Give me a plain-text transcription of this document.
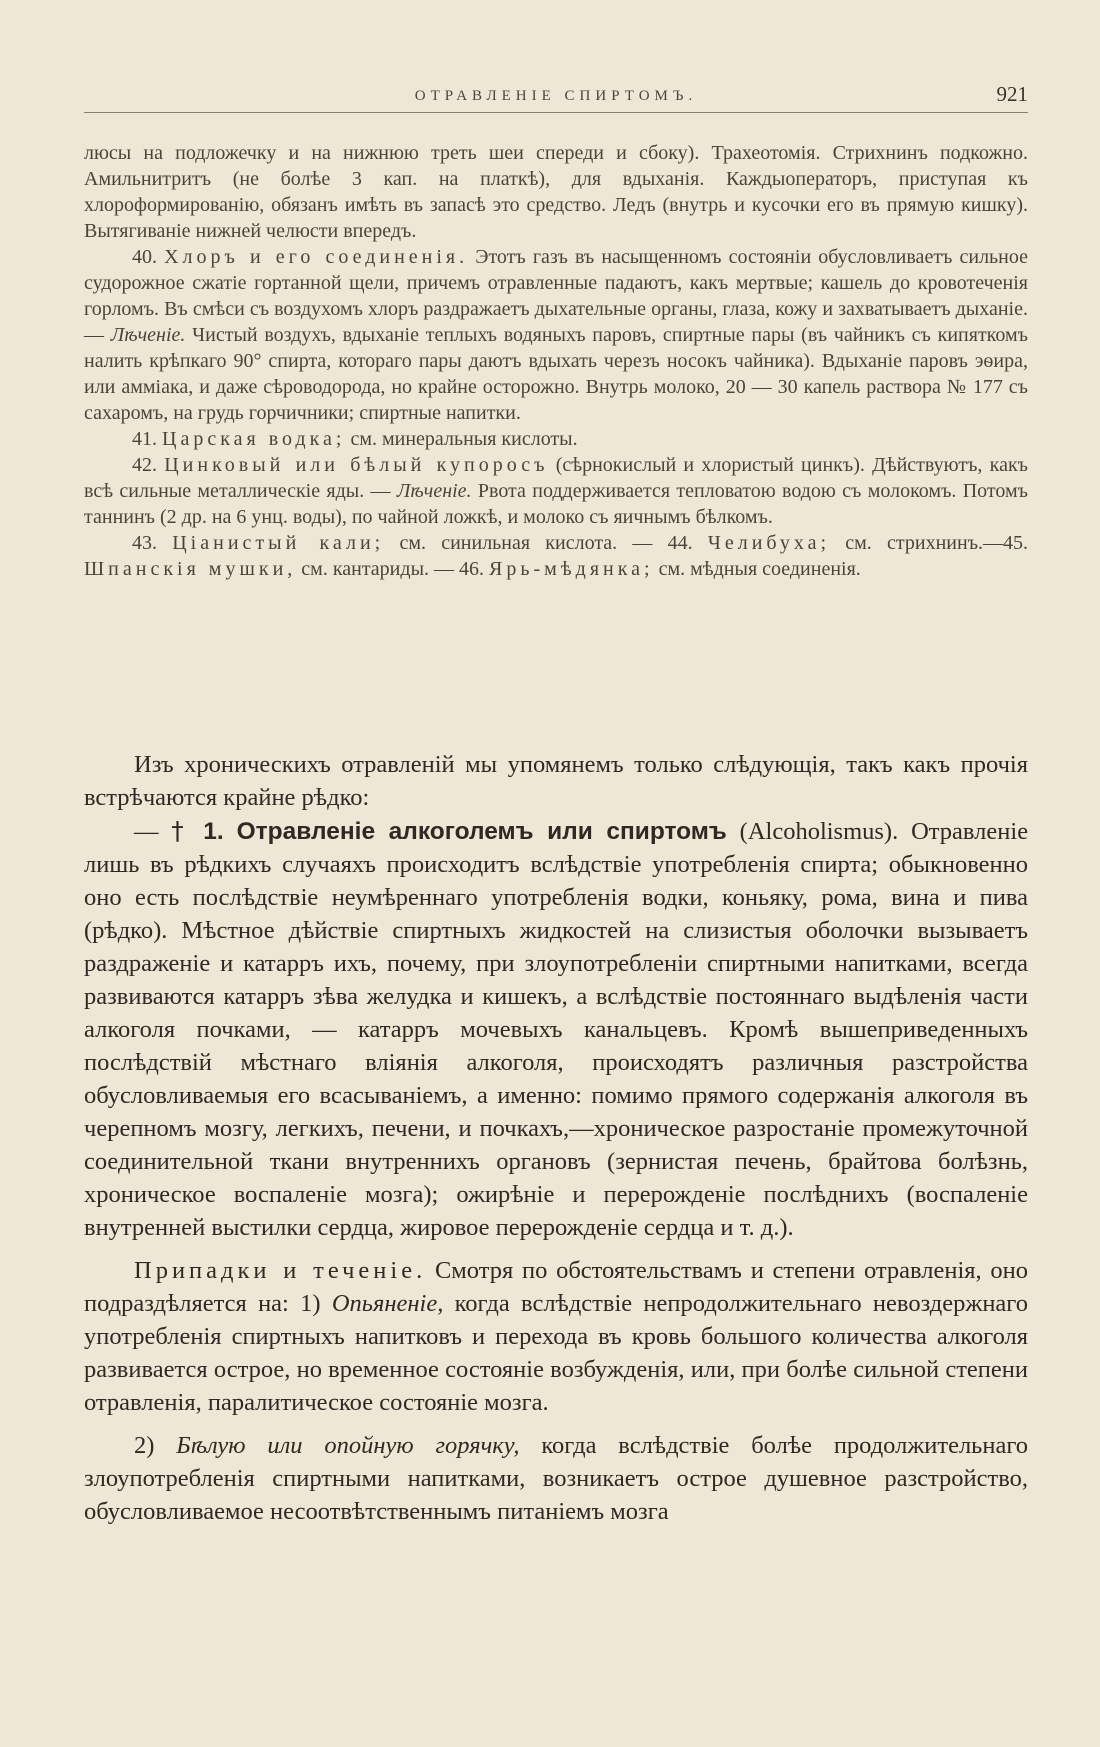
ОТРАВЛЕНІЕ СПИРТОМЪ.	921

люсы на подложечку и на нижнюю треть шеи спереди и сбоку). Трахеотомія. Стрихнинъ подкожно. Амильнитритъ (не болѣе 3 кап. на платкѣ), для вдыханія. Каждыоператоръ, приступая къ хлороформированію, обязанъ имѣть въ запасѣ это средство. Ледъ (внутрь и кусочки его въ прямую кишку). Вытягиваніе нижней челюсти впередъ.

40. Хлоръ и его соединенія. Этотъ газъ въ насыщенномъ состояніи обусловливаетъ сильное судорожное сжатіе гортанной щели, причемъ отравленные падаютъ, какъ мертвые; кашель до кровотеченія горломъ. Въ смѣси съ воздухомъ хлоръ раздражаетъ дыхательные органы, глаза, кожу и захватываетъ дыханіе.— Лѣченіе. Чистый воздухъ, вдыханіе теплыхъ водяныхъ паровъ, спиртные пары (въ чайникъ съ кипяткомъ налить крѣпкаго 90° спирта, котораго пары даютъ вдыхать черезъ носокъ чайника). Вдыханіе паровъ эѳира, или амміака, и даже сѣроводорода, но крайне осторожно. Внутрь молоко, 20 — 30 капель раствора № 177 съ сахаромъ, на грудь горчичники; спиртные напитки.

41. Царская водка; см. минеральныя кислоты.

42. Цинковый или бѣлый купоросъ (сѣрнокислый и хлористый цинкъ). Дѣйствуютъ, какъ всѣ сильные металлическіе яды. — Лѣченіе. Рвота поддерживается тепловатою водою съ молокомъ. Потомъ таннинъ (2 др. на 6 унц. воды), по чайной ложкѣ, и молоко съ яичнымъ бѣлкомъ.

43. Ціанистый кали; см. синильная кислота. — 44. Челибуха; см. стрихнинъ.—45. Шпанскія мушки, см. кантариды. — 46. Ярь-мѣдянка; см. мѣдныя соединенія.

Изъ хроническихъ отравленій мы упомянемъ только слѣдующія, такъ какъ прочія встрѣчаются крайне рѣдко:

— † 1. Отравленіе алкоголемъ или спиртомъ (Alcoholismus). Отравленіе лишь въ рѣдкихъ случаяхъ происходитъ вслѣдствіе употребленія спирта; обыкновенно оно есть послѣдствіе неумѣреннаго употребленія водки, коньяку, рома, вина и пива (рѣдко). Мѣстное дѣйствіе спиртныхъ жидкостей на слизистыя оболочки вызываетъ раздраженіе и катарръ ихъ, почему, при злоупотребленіи спиртными напитками, всегда развиваются катарръ зѣва желудка и кишекъ, а вслѣдствіе постояннаго выдѣленія части алкоголя почками, — катарръ мочевыхъ канальцевъ. Кромѣ вышеприведенныхъ послѣдствій мѣстнаго вліянія алкоголя, происходятъ различныя разстройства обусловливаемыя его всасываніемъ, а именно: помимо прямого содержанія алкоголя въ черепномъ мозгу, легкихъ, печени, и почкахъ,—хроническое разростаніе промежуточной соединительной ткани внутреннихъ органовъ (зернистая печень, брайтова болѣзнь, хроническое воспаленіе мозга); ожирѣніе и перерожденіе послѣднихъ (воспаленіе внутренней выстилки сердца, жировое перерожденіе сердца и т. д.).

Припадки и теченіе. Смотря по обстоятельствамъ и степени отравленія, оно подраздѣляется на: 1) Опьяненіе, когда вслѣдствіе непродолжительнаго невоздержнаго употребленія спиртныхъ напитковъ и перехода въ кровь большого количества алкоголя развивается острое, но временное состояніе возбужденія, или, при болѣе сильной степени отравленія, паралитическое состояніе мозга.

2) Бѣлую или опойную горячку, когда вслѣдствіе болѣе продолжительнаго злоупотребленія спиртными напитками, возникаетъ острое душевное разстройство, обусловливаемое несоотвѣтственнымъ питаніемъ мозга
